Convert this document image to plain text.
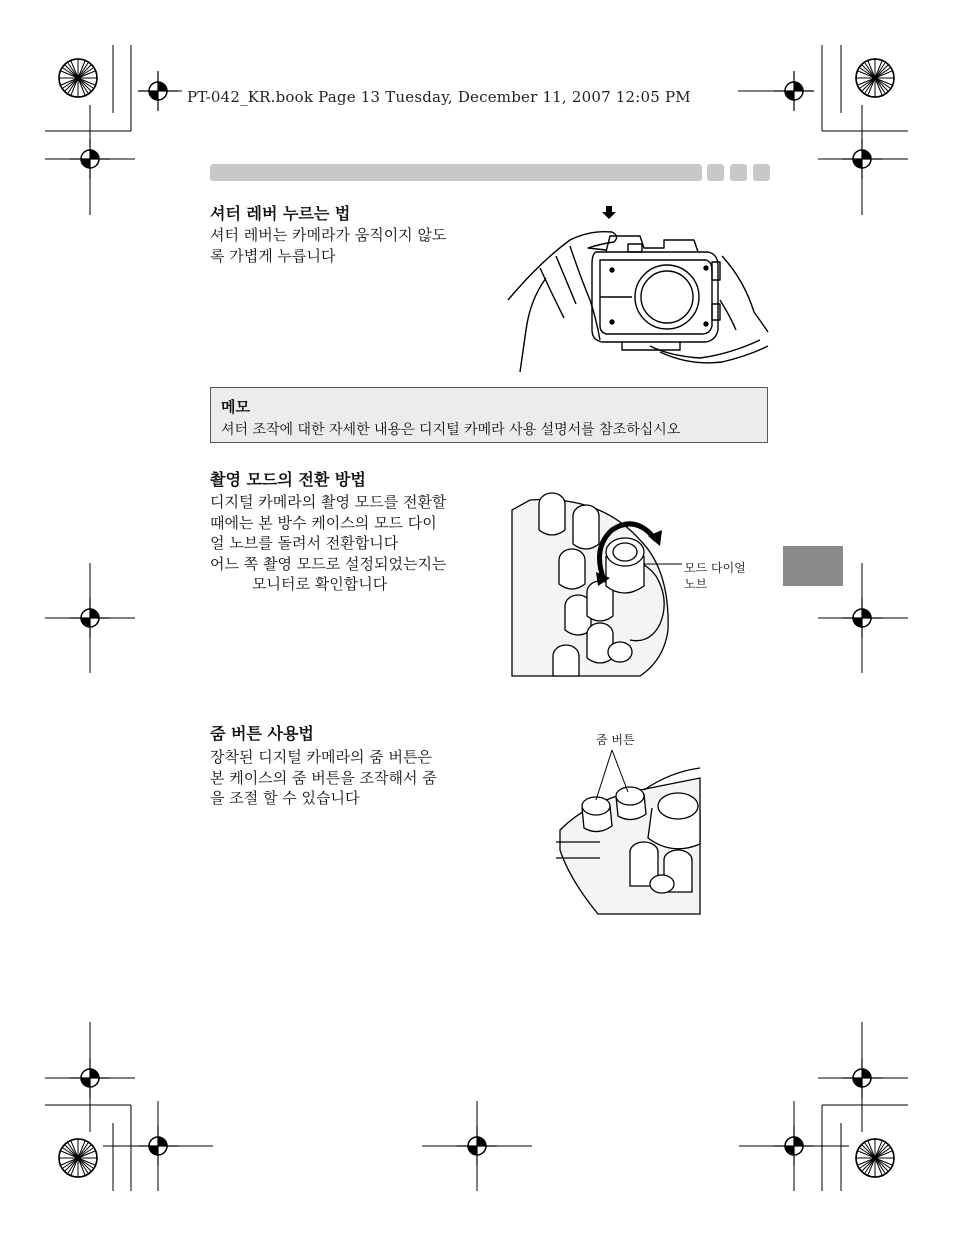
PT-042_KR.book Page 13 Tuesday, December 11, 2007 12:05 PM
셔터 레버 누르는 법
셔터 레버는 카메라가 움직이지 않도
록 가볍게 누릅니다
메모
셔터 조작에 대한 자세한 내용은 디지털 카메라 사용 설명서를 참조하십시오
촬영 모드의 전환 방법
디지털 카메라의 촬영 모드를 전환할
때에는 본 방수 케이스의 모드 다이
얼 노브를 돌려서 전환합니다
어느 쪽 촬영 모드로 설정되었는지는
모니터로 확인합니다
모드 다이얼
노브
줌 버튼 사용법
장착된 디지털 카메라의 줌 버튼은
본 케이스의 줌 버튼을 조작해서 줌
을 조절 할 수 있습니다
줌 버튼
